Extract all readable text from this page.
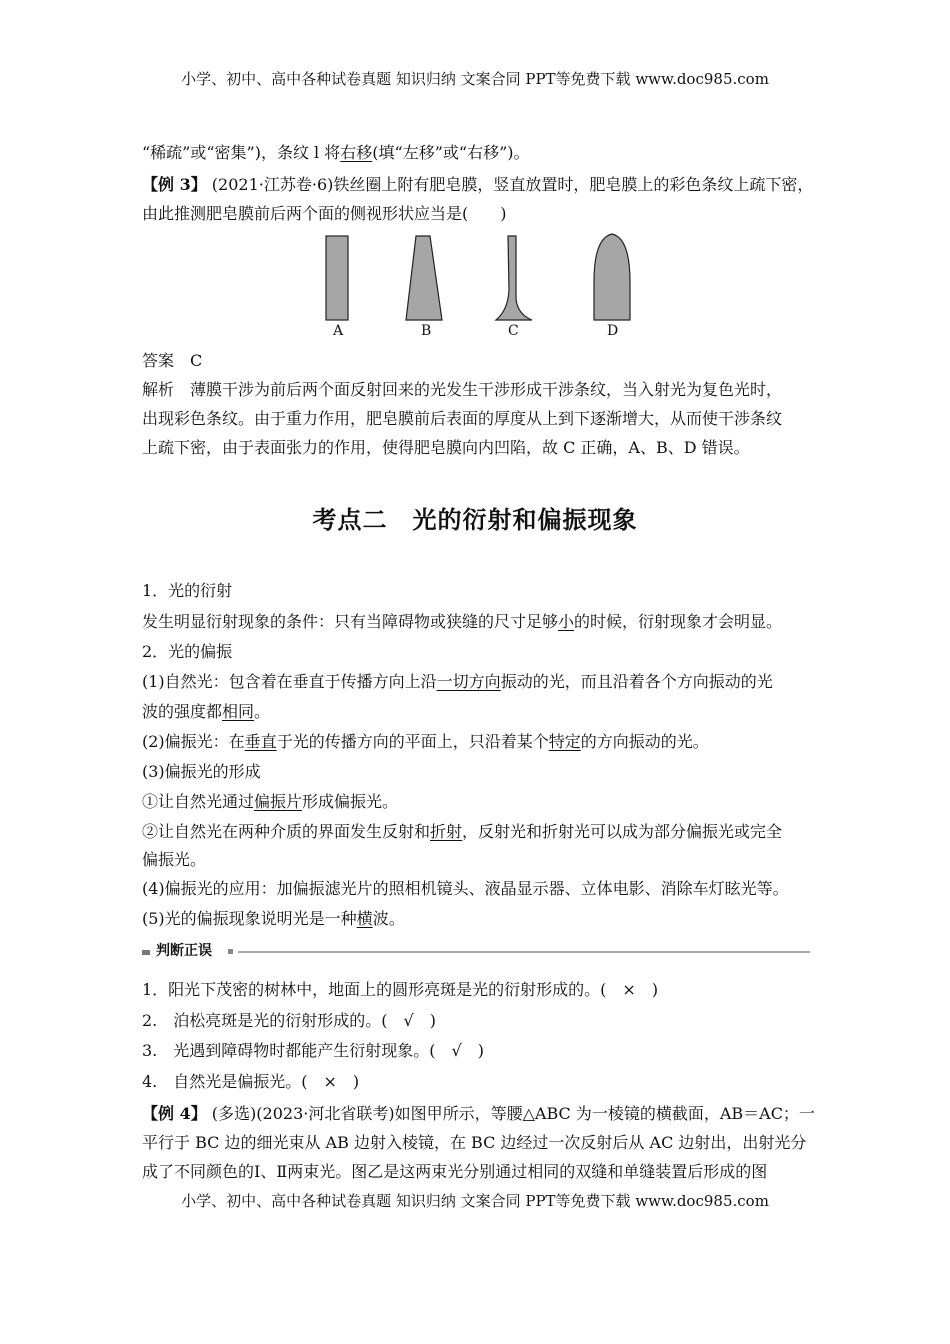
小学、初中、高中各种试卷真题 知识归纳 文案合同 PPT等免费下载 www.doc985.com
“稀疏”或“密集”)，条纹 l 将右移(填“左移”或“右移”)。
【例 3】 (2021·江苏卷·6)铁丝圈上附有肥皂膜，竖直放置时，肥皂膜上的彩色条纹上疏下密，
由此推测肥皂膜前后两个面的侧视形状应当是(　　)
A	B	C	D
答案　C
解析　薄膜干涉为前后两个面反射回来的光发生干涉形成干涉条纹，当入射光为复色光时，
出现彩色条纹。由于重力作用，肥皂膜前后表面的厚度从上到下逐渐增大，从而使干涉条纹
上疏下密，由于表面张力的作用，使得肥皂膜向内凹陷，故 C 正确，A、B、D 错误。
考点二　光的衍射和偏振现象
1．光的衍射
发生明显衍射现象的条件：只有当障碍物或狭缝的尺寸足够小的时候，衍射现象才会明显。
2．光的偏振
(1)自然光：包含着在垂直于传播方向上沿一切方向振动的光，而且沿着各个方向振动的光
波的强度都相同。
(2)偏振光：在垂直于光的传播方向的平面上，只沿着某个特定的方向振动的光。
(3)偏振光的形成
①让自然光通过偏振片形成偏振光。
②让自然光在两种介质的界面发生反射和折射，反射光和折射光可以成为部分偏振光或完全
偏振光。
(4)偏振光的应用：加偏振滤光片的照相机镜头、液晶显示器、立体电影、消除车灯眩光等。
(5)光的偏振现象说明光是一种横波。
判断正误
1．阳光下茂密的树林中，地面上的圆形亮斑是光的衍射形成的。(　×　)
2.　泊松亮斑是光的衍射形成的。(　√　)
3.　光遇到障碍物时都能产生衍射现象。(　√　)
4.　自然光是偏振光。(　×　)
【例 4】 (多选)(2023·河北省联考)如图甲所示，等腰△ABC 为一棱镜的横截面，AB＝AC；一
平行于 BC 边的细光束从 AB 边射入棱镜，在 BC 边经过一次反射后从 AC 边射出，出射光分
成了不同颜色的Ⅰ、Ⅱ两束光。图乙是这两束光分别通过相同的双缝和单缝装置后形成的图
小学、初中、高中各种试卷真题 知识归纳 文案合同 PPT等免费下载 www.doc985.com
